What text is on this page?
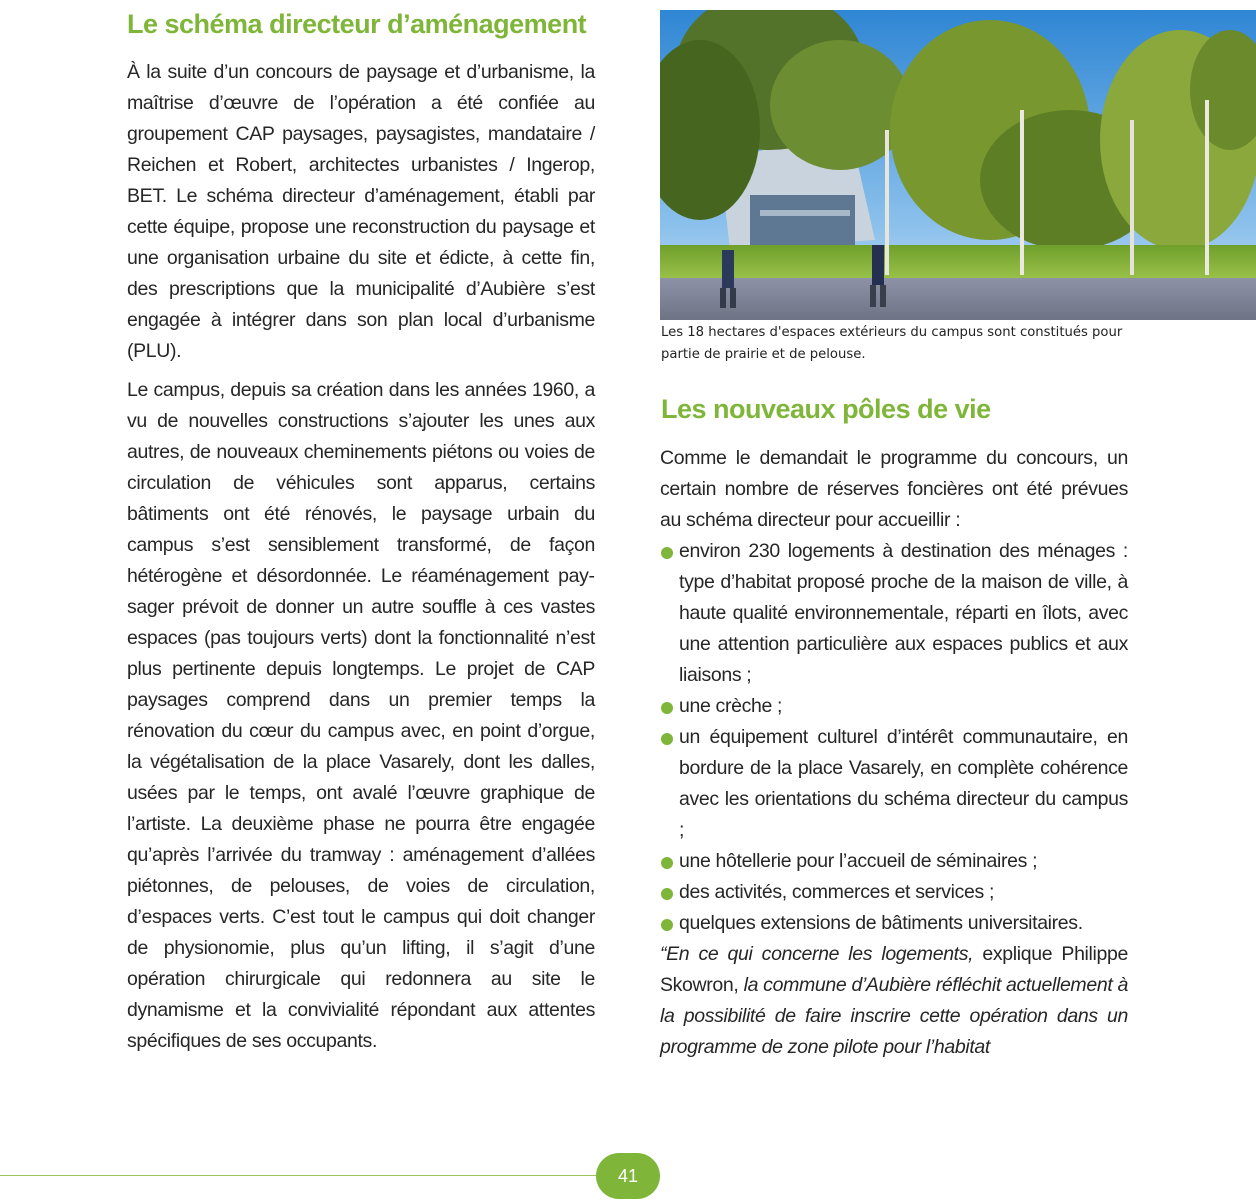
Le schéma directeur d’aménagement

À la suite d’un concours de paysage et d’urbanisme, la maîtrise d’œuvre de l’opération a été confiée au groupement CAP paysages, paysagistes, mandataire / Reichen et Robert, architectes urbanistes / Ingerop, BET. Le schéma directeur d’aménagement, établi par cette équipe, propose une reconstruction du paysage et une organisation urbaine du site et édicte, à cette fin, des prescriptions que la municipalité d’Aubière s’est engagée à intégrer dans son plan local d’urbanisme (PLU).

Le campus, depuis sa création dans les années 1960, a vu de nouvelles constructions s’ajouter les unes aux autres, de nouveaux cheminements piétons ou voies de circulation de véhicules sont apparus, certains bâtiments ont été rénovés, le paysage urbain du campus s’est sensiblement transformé, de façon hétérogène et désordonnée. Le réaménagement paysager prévoit de donner un autre souffle à ces vastes espaces (pas toujours verts) dont la fonctionnalité n’est plus pertinente depuis longtemps. Le projet de CAP paysages comprend dans un premier temps la rénovation du cœur du campus avec, en point d’orgue, la végétalisation de la place Vasarely, dont les dalles, usées par le temps, ont avalé l’œuvre graphique de l’artiste. La deuxième phase ne pourra être engagée qu’après l’arrivée du tramway : aménagement d’allées piétonnes, de pelouses, de voies de circulation, d’espaces verts. C’est tout le campus qui doit changer de physionomie, plus qu’un lifting, il s’agit d’une opération chirurgicale qui redonnera au site le dynamisme et la convivialité répondant aux attentes spécifiques de ses occupants.

Les 18 hectares d'espaces extérieurs du campus sont constitués pour partie de prairie et de pelouse.

Les nouveaux pôles de vie

Comme le demandait le programme du concours, un certain nombre de réserves foncières ont été prévues au schéma directeur pour accueillir :

environ 230 logements à destination des ménages : type d’habitat proposé proche de la maison de ville, à haute qualité environnementale, réparti en îlots, avec une attention particulière aux espaces publics et aux liaisons ;
une crèche ;
un équipement culturel d’intérêt communautaire, en bordure de la place Vasarely, en complète cohérence avec les orientations du schéma directeur du campus ;
une hôtellerie pour l’accueil de séminaires ;
des activités, commerces et services ;
quelques extensions de bâtiments universitaires.

“En ce qui concerne les logements, explique Philippe Skowron, la commune d’Aubière réfléchit actuellement à la possibilité de faire inscrire cette opération dans un programme de zone pilote pour l’habitat

41
